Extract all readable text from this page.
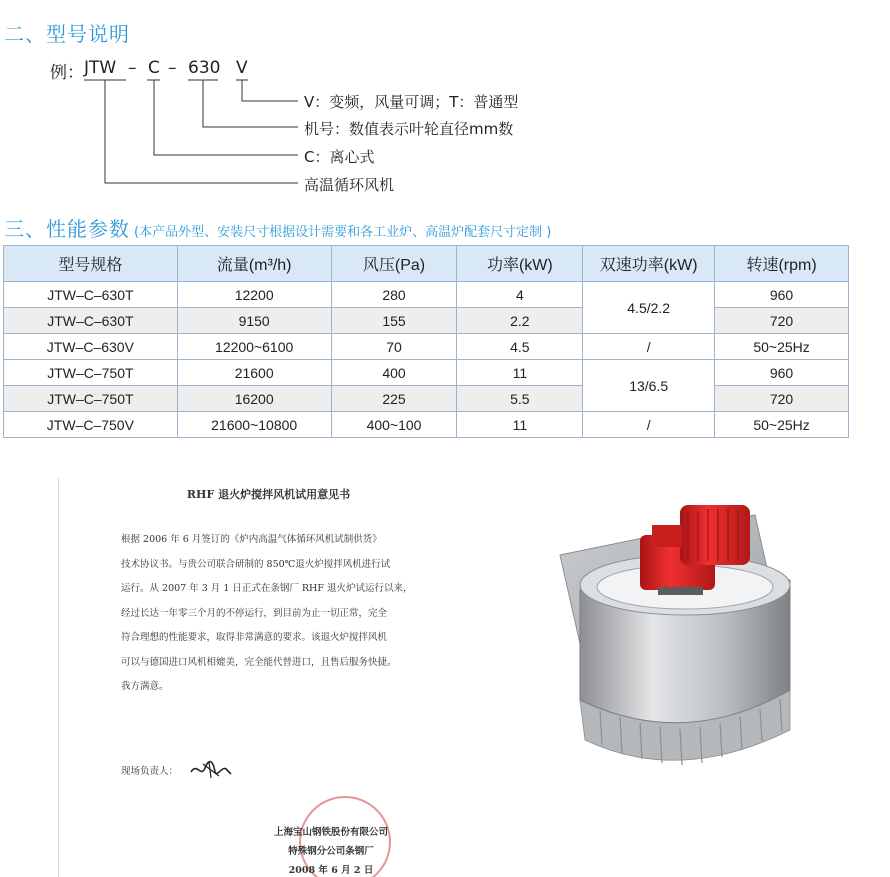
二、型号说明
例： JTW – C – 630 V
V：变频，风量可调；T：普通型
机号：数值表示叶轮直径mm数
C：离心式
高温循环风机
三、性能参数 (本产品外型、安装尺寸根据设计需要和各工业炉、高温炉配套尺寸定制 )
型号规格	流量(m³/h)	风压(Pa)	功率(kW)	双速功率(kW)	转速(rpm)
JTW–C–630T	12200	280	4	4.5/2.2	960
JTW–C–630T	9150	155	2.2		720
JTW–C–630V	12200~6100	70	4.5	/	50~25Hz
JTW–C–750T	21600	400	11	13/6.5	960
JTW–C–750T	16200	225	5.5		720
JTW–C–750V	21600~10800	400~100	11	/	50~25Hz
RHF 退火炉搅拌风机试用意见书

根据 2006 年 6 月签订的《炉内高温气体循环风机试制供货》

技术协议书。与贵公司联合研制的 850℃退火炉搅拌风机进行试

运行。从 2007 年 3 月 1 日正式在条钢厂 RHF 退火炉试运行以来，

经过长达一年零三个月的不停运行，到目前为止一切正常，完全

符合理想的性能要求，取得非常满意的要求。该退火炉搅拌风机

可以与德国进口风机相媲美，完全能代替进口，且售后服务快捷。

我方满意。

现场负责人：
上海宝山钢铁股份有限公司
特殊钢分公司条钢厂
2008 年 6 月 2 日
